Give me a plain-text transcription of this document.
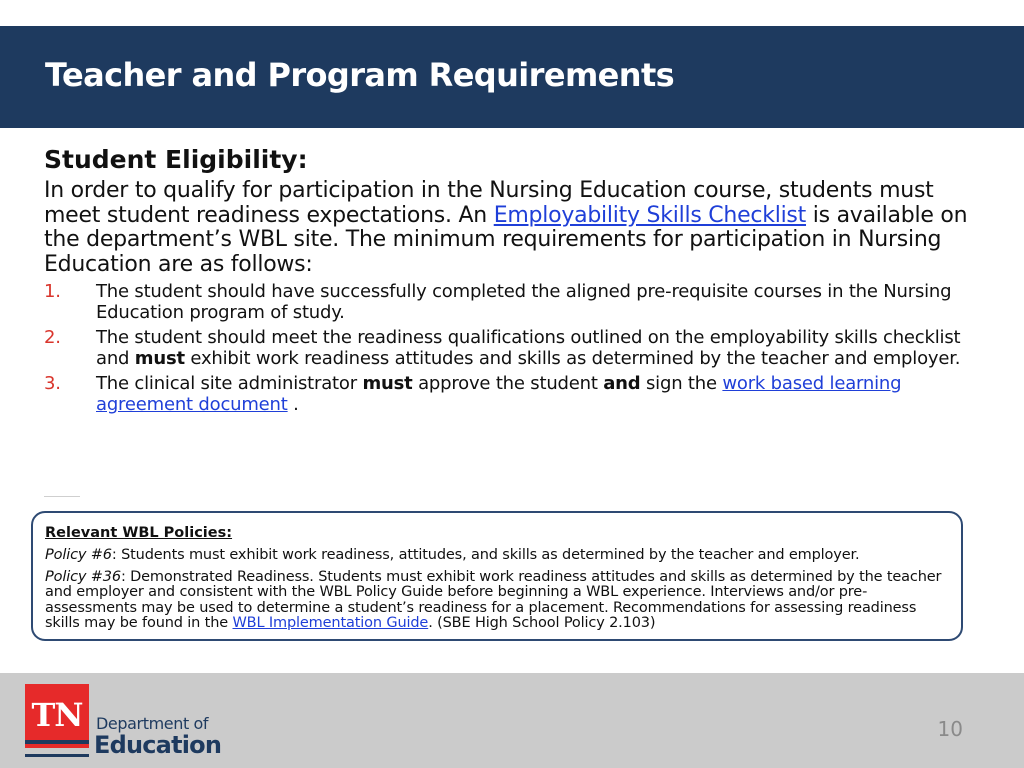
Teacher and Program Requirements

Student Eligibility:

In order to qualify for participation in the Nursing Education course, students must meet student readiness expectations. An Employability Skills Checklist is available on the department’s WBL site. The minimum requirements for participation in Nursing Education are as follows:

1. The student should have successfully completed the aligned pre-requisite courses in the Nursing Education program of study.
2. The student should meet the readiness qualifications outlined on the employability skills checklist and must exhibit work readiness attitudes and skills as determined by the teacher and employer.
3. The clinical site administrator must approve the student and sign the work based learning agreement document .

Relevant WBL Policies:

Policy #6: Students must exhibit work readiness, attitudes, and skills as determined by the teacher and employer.

Policy #36: Demonstrated Readiness. Students must exhibit work readiness attitudes and skills as determined by the teacher and employer and consistent with the WBL Policy Guide before beginning a WBL experience. Interviews and/or pre-assessments may be used to determine a student’s readiness for a placement. Recommendations for assessing readiness skills may be found in the WBL Implementation Guide. (SBE High School Policy 2.103)

TN Department of
Education
10
